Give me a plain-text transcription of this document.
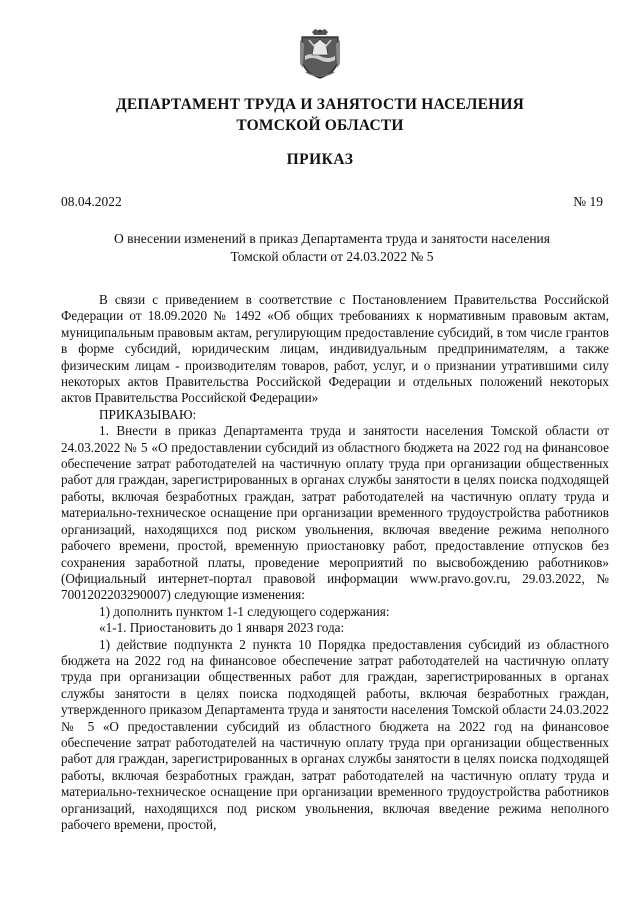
ДЕПАРТАМЕНТ ТРУДА И ЗАНЯТОСТИ НАСЕЛЕНИЯ
ТОМСКОЙ ОБЛАСТИ
ПРИКАЗ
08.04.2022	№ 19
О внесении изменений в приказ Департамента труда и занятости населения
Томской области от 24.03.2022 № 5

В связи с приведением в соответствие с Постановлением Правительства Российской Федерации от 18.09.2020 № 1492 «Об общих требованиях к нормативным правовым актам, муниципальным правовым актам, регулирующим предоставление субсидий, в том числе грантов в форме субсидий, юридическим лицам, индивидуальным предпринимателям, а также физическим лицам - производителям товаров, работ, услуг, и о признании утратившими силу некоторых актов Правительства Российской Федерации и отдельных положений некоторых актов Правительства Российской Федерации»

ПРИКАЗЫВАЮ:

1. Внести в приказ Департамента труда и занятости населения Томской области от 24.03.2022 № 5 «О предоставлении субсидий из областного бюджета на 2022 год на финансовое обеспечение затрат работодателей на частичную оплату труда при организации общественных работ для граждан, зарегистрированных в органах службы занятости в целях поиска подходящей работы, включая безработных граждан, затрат работодателей на частичную оплату труда и материально-техническое оснащение при организации временного трудоустройства работников организаций, находящихся под риском увольнения, включая введение режима неполного рабочего времени, простой, временную приостановку работ, предоставление отпусков без сохранения заработной платы, проведение мероприятий по высвобождению работников» (Официальный интернет-портал правовой информации www.pravo.gov.ru, 29.03.2022, № 7001202203290007) следующие изменения:

1) дополнить пунктом 1-1 следующего содержания:

«1-1. Приостановить до 1 января 2023 года:

1) действие подпункта 2 пункта 10 Порядка предоставления субсидий из областного бюджета на 2022 год на финансовое обеспечение затрат работодателей на частичную оплату труда при организации общественных работ для граждан, зарегистрированных в органах службы занятости в целях поиска подходящей работы, включая безработных граждан, утвержденного приказом Департамента труда и занятости населения Томской области 24.03.2022 № 5 «О предоставлении субсидий из областного бюджета на 2022 год на финансовое обеспечение затрат работодателей на частичную оплату труда при организации общественных работ для граждан, зарегистрированных в органах службы занятости в целях поиска подходящей работы, включая безработных граждан, затрат работодателей на частичную оплату труда и материально-техническое оснащение при организации временного трудоустройства работников организаций, находящихся под риском увольнения, включая введение режима неполного рабочего времени, простой,
